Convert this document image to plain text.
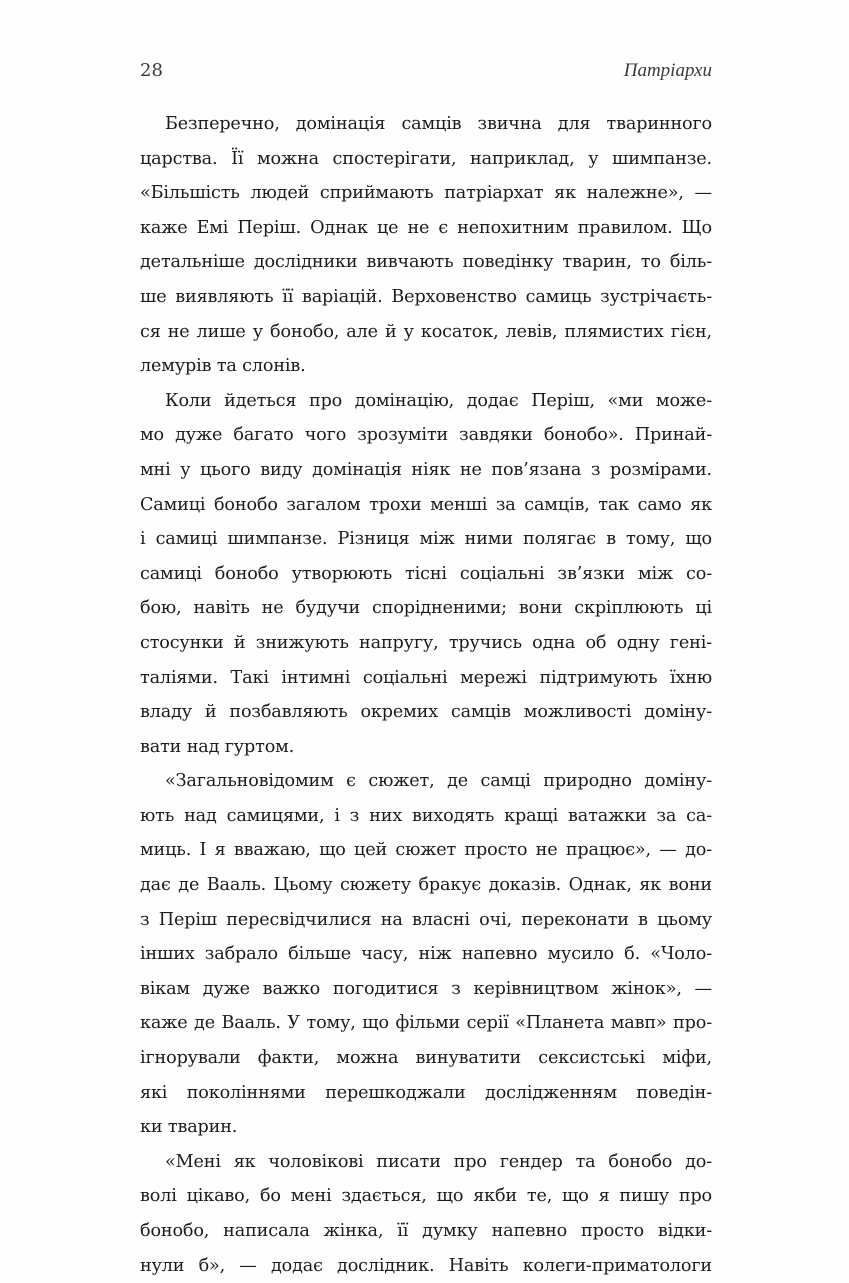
28	Патріархи
Безперечно, домінація самців звична для тваринного
царства. Її можна спостерігати, наприклад, у шимпанзе.
«Більшість людей сприймають патріархат як належне», —
каже Емі Періш. Однак це не є непохитним правилом. Що
детальніше дослідники вивчають поведінку тварин, то біль-
ше виявляють її варіацій. Верховенство самиць зустрічаєть-
ся не лише у бонобо, але й у косаток, левів, плямистих гієн,
лемурів та слонів.
Коли йдеться про домінацію, додає Періш, «ми може-
мо дуже багато чого зрозуміти завдяки бонобо». Принай-
мні у цього виду домінація ніяк не пов’язана з розмірами.
Самиці бонобо загалом трохи менші за самців, так само як
і самиці шимпанзе. Різниця між ними полягає в тому, що
самиці бонобо утворюють тісні соціальні зв’язки між со-
бою, навіть не будучи спорідненими; вони скріплюють ці
стосунки й знижують напругу, тручись одна об одну гені-
таліями. Такі інтимні соціальні мережі підтримують їхню
владу й позбавляють окремих самців можливості доміну-
вати над гуртом.
«Загальновідомим є сюжет, де самці природно доміну-
ють над самицями, і з них виходять кращі ватажки за са-
миць. І я вважаю, що цей сюжет просто не працює», — до-
дає де Вааль. Цьому сюжету бракує доказів. Однак, як вони
з Періш пересвідчилися на власні очі, переконати в цьому
інших забрало більше часу, ніж напевно мусило б. «Чоло-
вікам дуже важко погодитися з керівництвом жінок», —
каже де Вааль. У тому, що фільми серії «Планета мавп» про-
ігнорували факти, можна винуватити сексистські міфи,
які поколіннями перешкоджали дослідженням поведін-
ки тварин.
«Мені як чоловікові писати про гендер та бонобо до-
волі цікаво, бо мені здається, що якби те, що я пишу про
бонобо, написала жінка, її думку напевно просто відки-
нули б», — додає дослідник. Навіть колеги-приматологи
